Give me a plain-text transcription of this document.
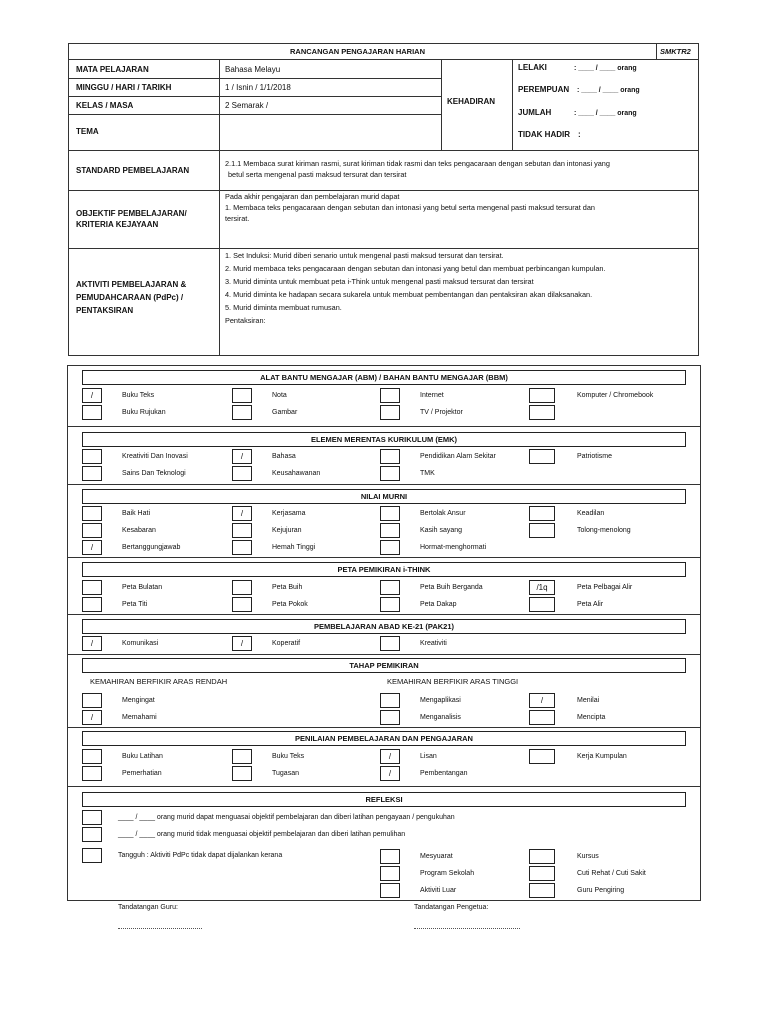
RANCANGAN PENGAJARAN HARIAN	SMKTR2
MATA PELAJARAN	Bahasa Melayu
MINGGU / HARI / TARIKH	1 / Isnin / 1/1/2018
KELAS / MASA	2 Semarak /
TEMA
KEHADIRAN
LELAKI	: ____ / ____ orang
PEREMPUAN : ____ / ____ orang
JUMLAH	: ____ / ____ orang
TIDAK HADIR :
STANDARD PEMBELAJARAN
2.1.1 Membaca surat kiriman rasmi, surat kiriman tidak rasmi dan teks pengacaraan dengan sebutan dan intonasi yang
betul serta mengenal pasti maksud tersurat dan tersirat
OBJEKTIF PEMBELAJARAN/
KRITERIA KEJAYAAN
Pada akhir pengajaran dan pembelajaran murid dapat
1. Membaca teks pengacaraan dengan sebutan dan intonasi yang betul serta mengenal pasti maksud tersurat dan
tersirat.
AKTIVITI PEMBELAJARAN &
PEMUDAHCARAAN (PdPc) /
PENTAKSIRAN
1. Set Induksi: Murid diberi senario untuk mengenal pasti maksud tersurat dan tersirat.
2. Murid membaca teks pengacaraan dengan sebutan dan intonasi yang betul dan membuat perbincangan kumpulan.
3. Murid diminta untuk membuat peta i-Think untuk mengenal pasti maksud tersurat dan tersirat
4. Murid diminta ke hadapan secara sukarela untuk membuat pembentangan dan pentaksiran akan dilaksanakan.
5. Murid diminta membuat rumusan.
Pentaksiran:
ALAT BANTU MENGAJAR (ABM) / BAHAN BANTU MENGAJAR (BBM)
/	Buku Teks	Nota	Internet	Komputer / Chromebook
Buku Rujukan	Gambar	TV / Projektor
ELEMEN MERENTAS KURIKULUM (EMK)
Kreativiti Dan Inovasi	/	Bahasa	Pendidikan Alam Sekitar	Patriotisme
Sains Dan Teknologi	Keusahawanan	TMK
NILAI MURNI
Baik Hati	/	Kerjasama	Bertolak Ansur	Keadilan
Kesabaran	Kejujuran	Kasih sayang	Tolong-menolong
/	Bertanggungjawab	Hemah Tinggi	Hormat-menghormati
PETA PEMIKIRAN i-THINK
Peta Bulatan	Peta Buih	Peta Buih Berganda	/1q	Peta Pelbagai Alir
Peta Titi	Peta Pokok	Peta Dakap	Peta Alir
PEMBELAJARAN ABAD KE-21 (PAK21)
/	Komunikasi	/	Koperatif	Kreativiti
TAHAP PEMIKIRAN
KEMAHIRAN BERFIKIR ARAS RENDAH	KEMAHIRAN BERFIKIR ARAS TINGGI
Mengingat	Mengaplikasi	/	Menilai
/	Memahami	Menganalisis	Mencipta
PENILAIAN PEMBELAJARAN DAN PENGAJARAN
Buku Latihan	Buku Teks	/	Lisan	Kerja Kumpulan
Pemerhatian	Tugasan	/	Pembentangan
REFLEKSI
____ / ____ orang murid dapat menguasai objektif pembelajaran dan diberi latihan pengayaan / pengukuhan
____ / ____ orang murid tidak menguasai objektif pembelajaran dan diberi latihan pemulihan
Tangguh : Aktiviti PdPc tidak dapat dijalankan kerana	Mesyuarat	Kursus
Program Sekolah	Cuti Rehat / Cuti Sakit
Aktiviti Luar	Guru Pengiring
Tandatangan Guru:	Tandatangan Pengetua:
